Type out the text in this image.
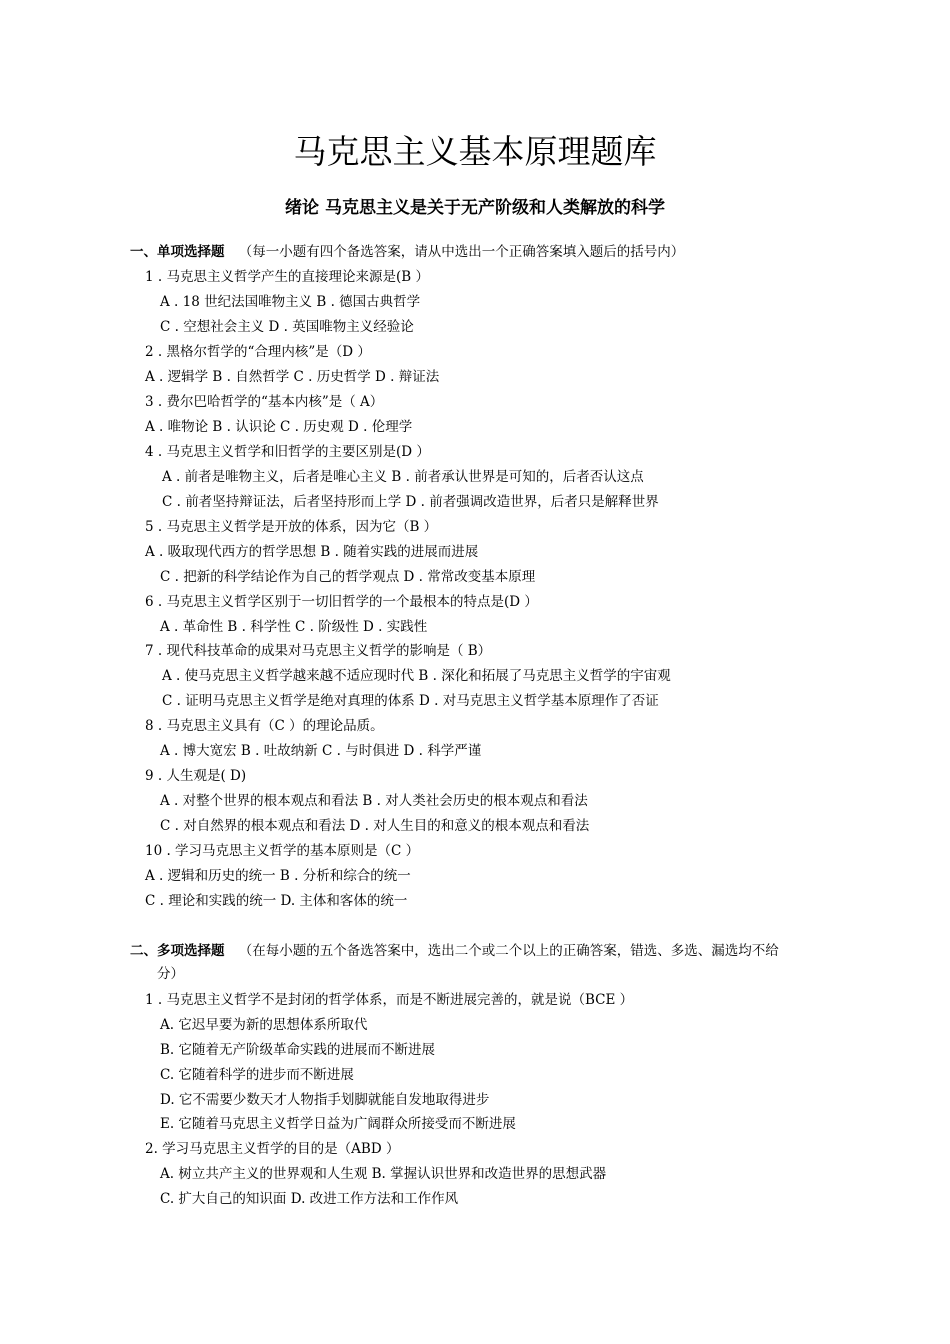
马克思主义基本原理题库
绪论 马克思主义是关于无产阶级和人类解放的科学
一、单项选择题 （每一小题有四个备选答案，请从中选出一个正确答案填入题后的括号内）
1 . 马克思主义哲学产生的直接理论来源是(B ）
A . 18 世纪法国唯物主义 B . 德国古典哲学
C . 空想社会主义 D . 英国唯物主义经验论
2 . 黑格尔哲学的“合理内核”是（D ）
A . 逻辑学 B . 自然哲学 C . 历史哲学 D . 辩证法
3 . 费尔巴哈哲学的“基本内核”是（ A）
A . 唯物论 B . 认识论 C . 历史观 D . 伦理学
4 . 马克思主义哲学和旧哲学的主要区别是(D ）
A . 前者是唯物主义，后者是唯心主义 B . 前者承认世界是可知的，后者否认这点
C . 前者坚持辩证法，后者坚持形而上学 D . 前者强调改造世界，后者只是解释世界
5 . 马克思主义哲学是开放的体系，因为它（B ）
A . 吸取现代西方的哲学思想 B . 随着实践的进展而进展
C . 把新的科学结论作为自己的哲学观点 D . 常常改变基本原理
6 . 马克思主义哲学区别于一切旧哲学的一个最根本的特点是(D ）
A . 革命性 B . 科学性 C . 阶级性 D . 实践性
7 . 现代科技革命的成果对马克思主义哲学的影响是（ B）
A . 使马克思主义哲学越来越不适应现时代 B . 深化和拓展了马克思主义哲学的宇宙观
C . 证明马克思主义哲学是绝对真理的体系 D . 对马克思主义哲学基本原理作了否证
8 . 马克思主义具有（C ）的理论品质。
A . 博大宽宏 B . 吐故纳新 C . 与时俱进 D . 科学严谨
9 . 人生观是( D)
A . 对整个世界的根本观点和看法 B . 对人类社会历史的根本观点和看法
C . 对自然界的根本观点和看法 D . 对人生目的和意义的根本观点和看法
10 . 学习马克思主义哲学的基本原则是（C ）
A . 逻辑和历史的统一 B . 分析和综合的统一
C . 理论和实践的统一 D. 主体和客体的统一
二、多项选择题 （在每小题的五个备选答案中，选出二个或二个以上的正确答案，错选、多选、漏选均不给
分）
1 . 马克思主义哲学不是封闭的哲学体系，而是不断进展完善的，就是说（BCE ）
A. 它迟早要为新的思想体系所取代
B. 它随着无产阶级革命实践的进展而不断进展
C. 它随着科学的进步而不断进展
D. 它不需要少数天才人物指手划脚就能自发地取得进步
E. 它随着马克思主义哲学日益为广阔群众所接受而不断进展
2. 学习马克思主义哲学的目的是（ABD ）
A. 树立共产主义的世界观和人生观 B. 掌握认识世界和改造世界的思想武器
C. 扩大自己的知识面 D. 改进工作方法和工作作风
